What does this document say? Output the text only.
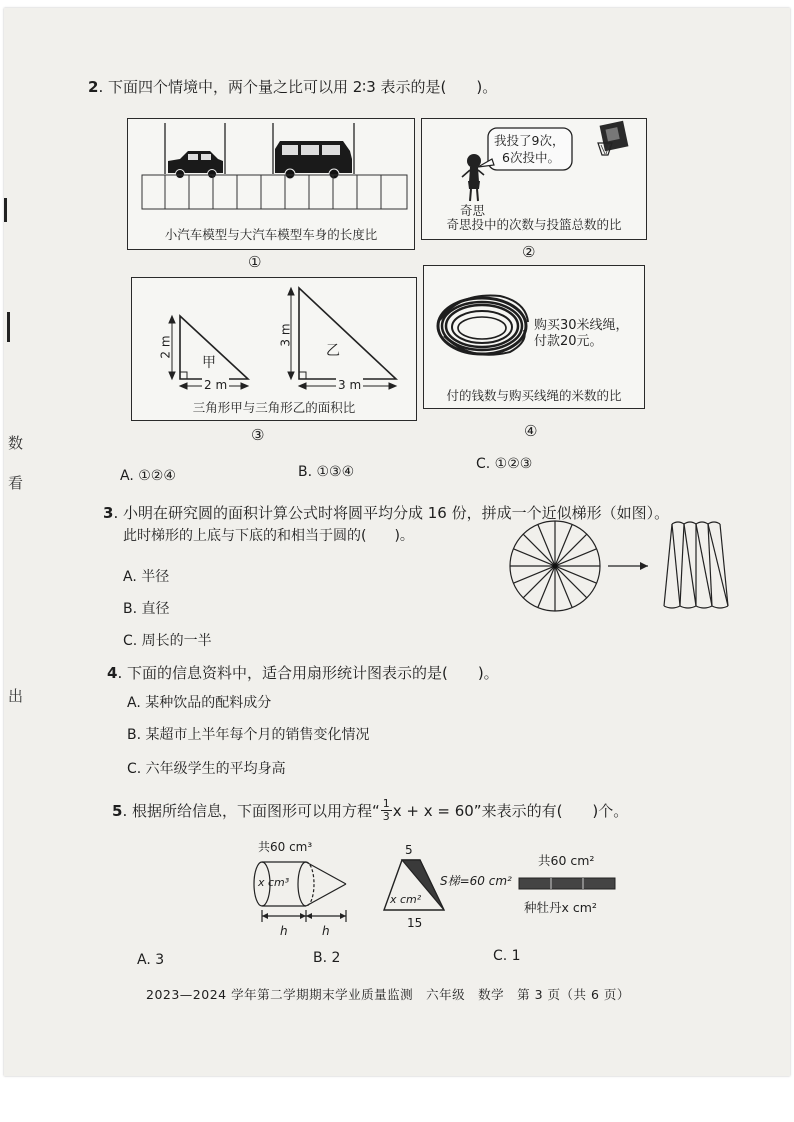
数
看
出
2. 下面四个情境中，两个量之比可以用 2∶3 表示的是(　　)。
小汽车模型与大汽车模型车身的长度比
①
我投了9次，
6次投中。
奇思
奇思投中的次数与投篮总数的比
②
甲
2 m
2 m
乙
3 m
3 m
三角形甲与三角形乙的面积比
③
购买30米线绳，
付款20元。
付的钱数与购买线绳的米数的比
④
A. ①②④	B. ①③④	C. ①②③
3. 小明在研究圆的面积计算公式时将圆平均分成 16 份，拼成一个近似梯形（如图）。
此时梯形的上底与下底的和相当于圆的(　　)。
A. 半径
B. 直径
C. 周长的一半
4. 下面的信息资料中，适合用扇形统计图表示的是(　　)。
A. 某种饮品的配料成分
B. 某超市上半年每个月的销售变化情况
C. 六年级学生的平均身高
5 . 根据所给信息，下面图形可以用方程“ $\frac{1}{3}$ x + x = 60”来表示的有(　　)个。
共60 cm³
x cm³
h	h
5
x cm²
15
S梯=60 cm²
共60 cm²
种牡丹x cm²
A. 3	B. 2	C. 1
2023—2024 学年第二学期期末学业质量监测　六年级　数学　第 3 页（共 6 页）
